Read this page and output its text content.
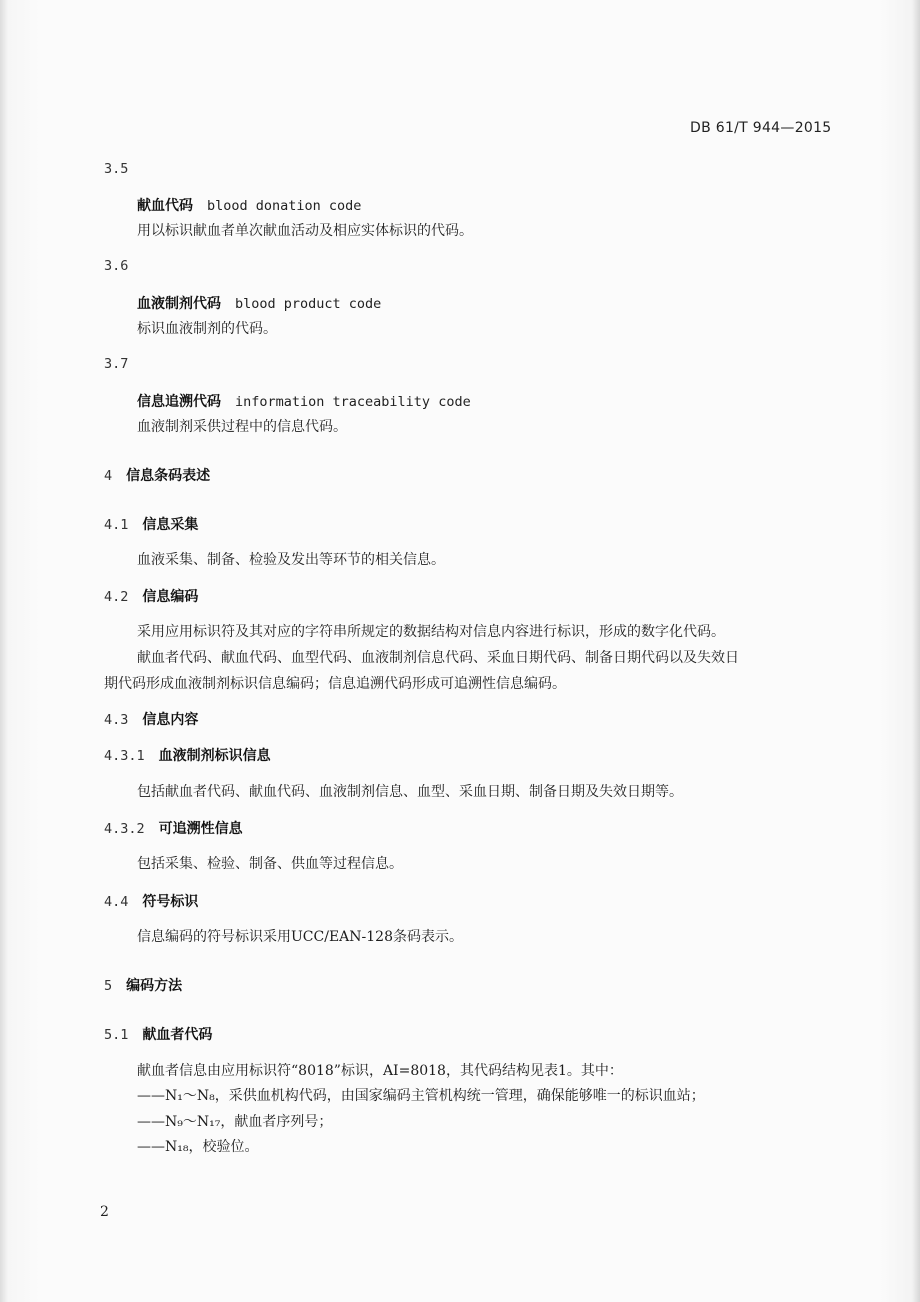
DB 61/T 944—2015
3.5
献血代码 blood donation code
用以标识献血者单次献血活动及相应实体标识的代码。
3.6
血液制剂代码 blood product code
标识血液制剂的代码。
3.7
信息追溯代码 information traceability code
血液制剂采供过程中的信息代码。
4 信息条码表述
4.1 信息采集
血液采集、制备、检验及发出等环节的相关信息。
4.2 信息编码
采用应用标识符及其对应的字符串所规定的数据结构对信息内容进行标识，形成的数字化代码。
献血者代码、献血代码、血型代码、血液制剂信息代码、采血日期代码、制备日期代码以及失效日
期代码形成血液制剂标识信息编码；信息追溯代码形成可追溯性信息编码。
4.3 信息内容
4.3.1 血液制剂标识信息
包括献血者代码、献血代码、血液制剂信息、血型、采血日期、制备日期及失效日期等。
4.3.2 可追溯性信息
包括采集、检验、制备、供血等过程信息。
4.4 符号标识
信息编码的符号标识采用UCC/EAN-128条码表示。
5 编码方法
5.1 献血者代码
献血者信息由应用标识符“8018”标识，AI=8018，其代码结构见表1。其中：
——N₁～N₈，采供血机构代码，由国家编码主管机构统一管理，确保能够唯一的标识血站；
——N₉～N₁₇，献血者序列号；
——N₁₈，校验位。
2
